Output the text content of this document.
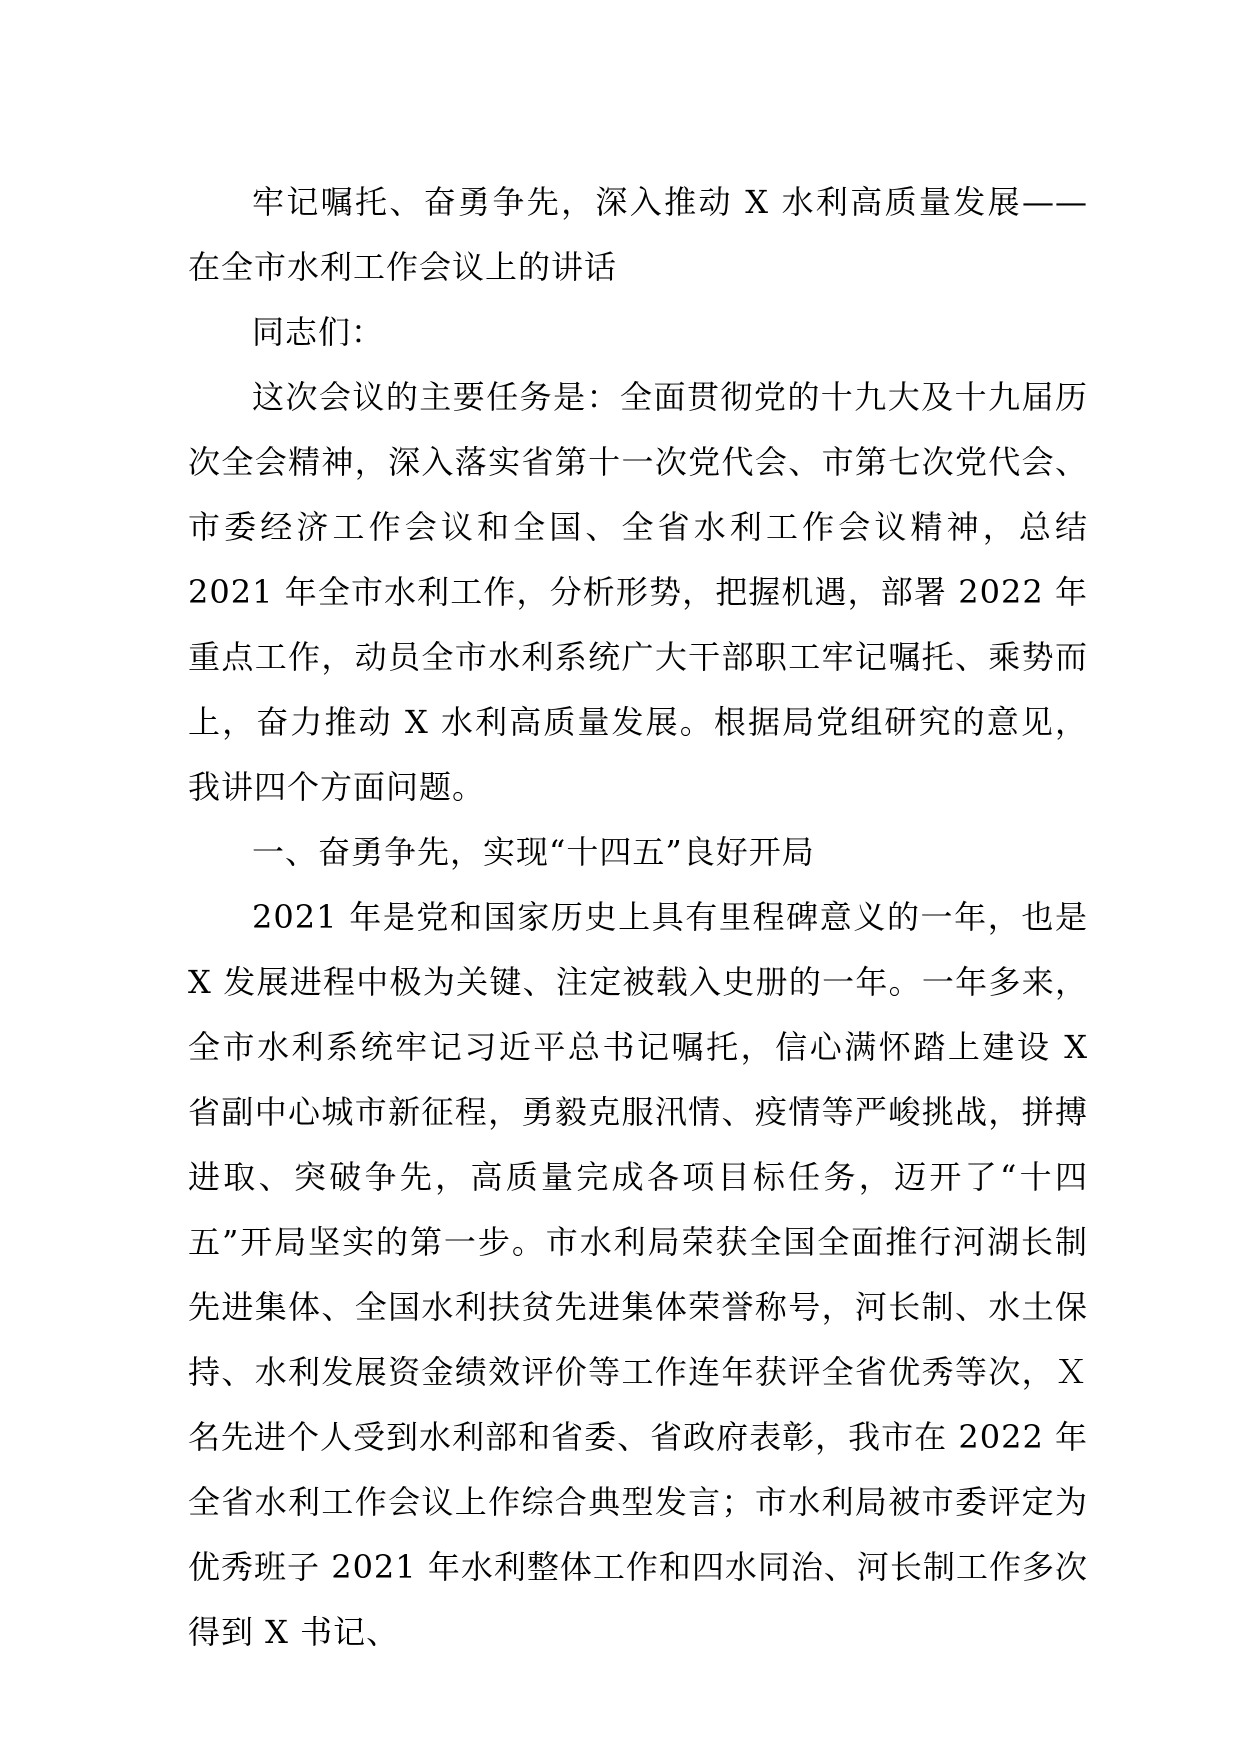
牢记嘱托、奋勇争先，深入推动 X 水利高质量发展——在全市水利工作会议上的讲话

同志们：

这次会议的主要任务是：全面贯彻党的十九大及十九届历次全会精神，深入落实省第十一次党代会、市第七次党代会、市委经济工作会议和全国、全省水利工作会议精神，总结 2021 年全市水利工作，分析形势，把握机遇，部署 2022 年重点工作，动员全市水利系统广大干部职工牢记嘱托、乘势而上，奋力推动 X 水利高质量发展。根据局党组研究的意见，我讲四个方面问题。

一、奋勇争先，实现“十四五”良好开局

2021 年是党和国家历史上具有里程碑意义的一年，也是 X 发展进程中极为关键、注定被载入史册的一年。一年多来，全市水利系统牢记习近平总书记嘱托，信心满怀踏上建设 X 省副中心城市新征程，勇毅克服汛情、疫情等严峻挑战，拼搏进取、突破争先，高质量完成各项目标任务，迈开了“十四五”开局坚实的第一步。市水利局荣获全国全面推行河湖长制先进集体、全国水利扶贫先进集体荣誉称号，河长制、水土保持、水利发展资金绩效评价等工作连年获评全省优秀等次，Ｘ名先进个人受到水利部和省委、省政府表彰，我市在 2022 年全省水利工作会议上作综合典型发言；市水利局被市委评定为优秀班子 2021 年水利整体工作和四水同治、河长制工作多次得到 X 书记、
